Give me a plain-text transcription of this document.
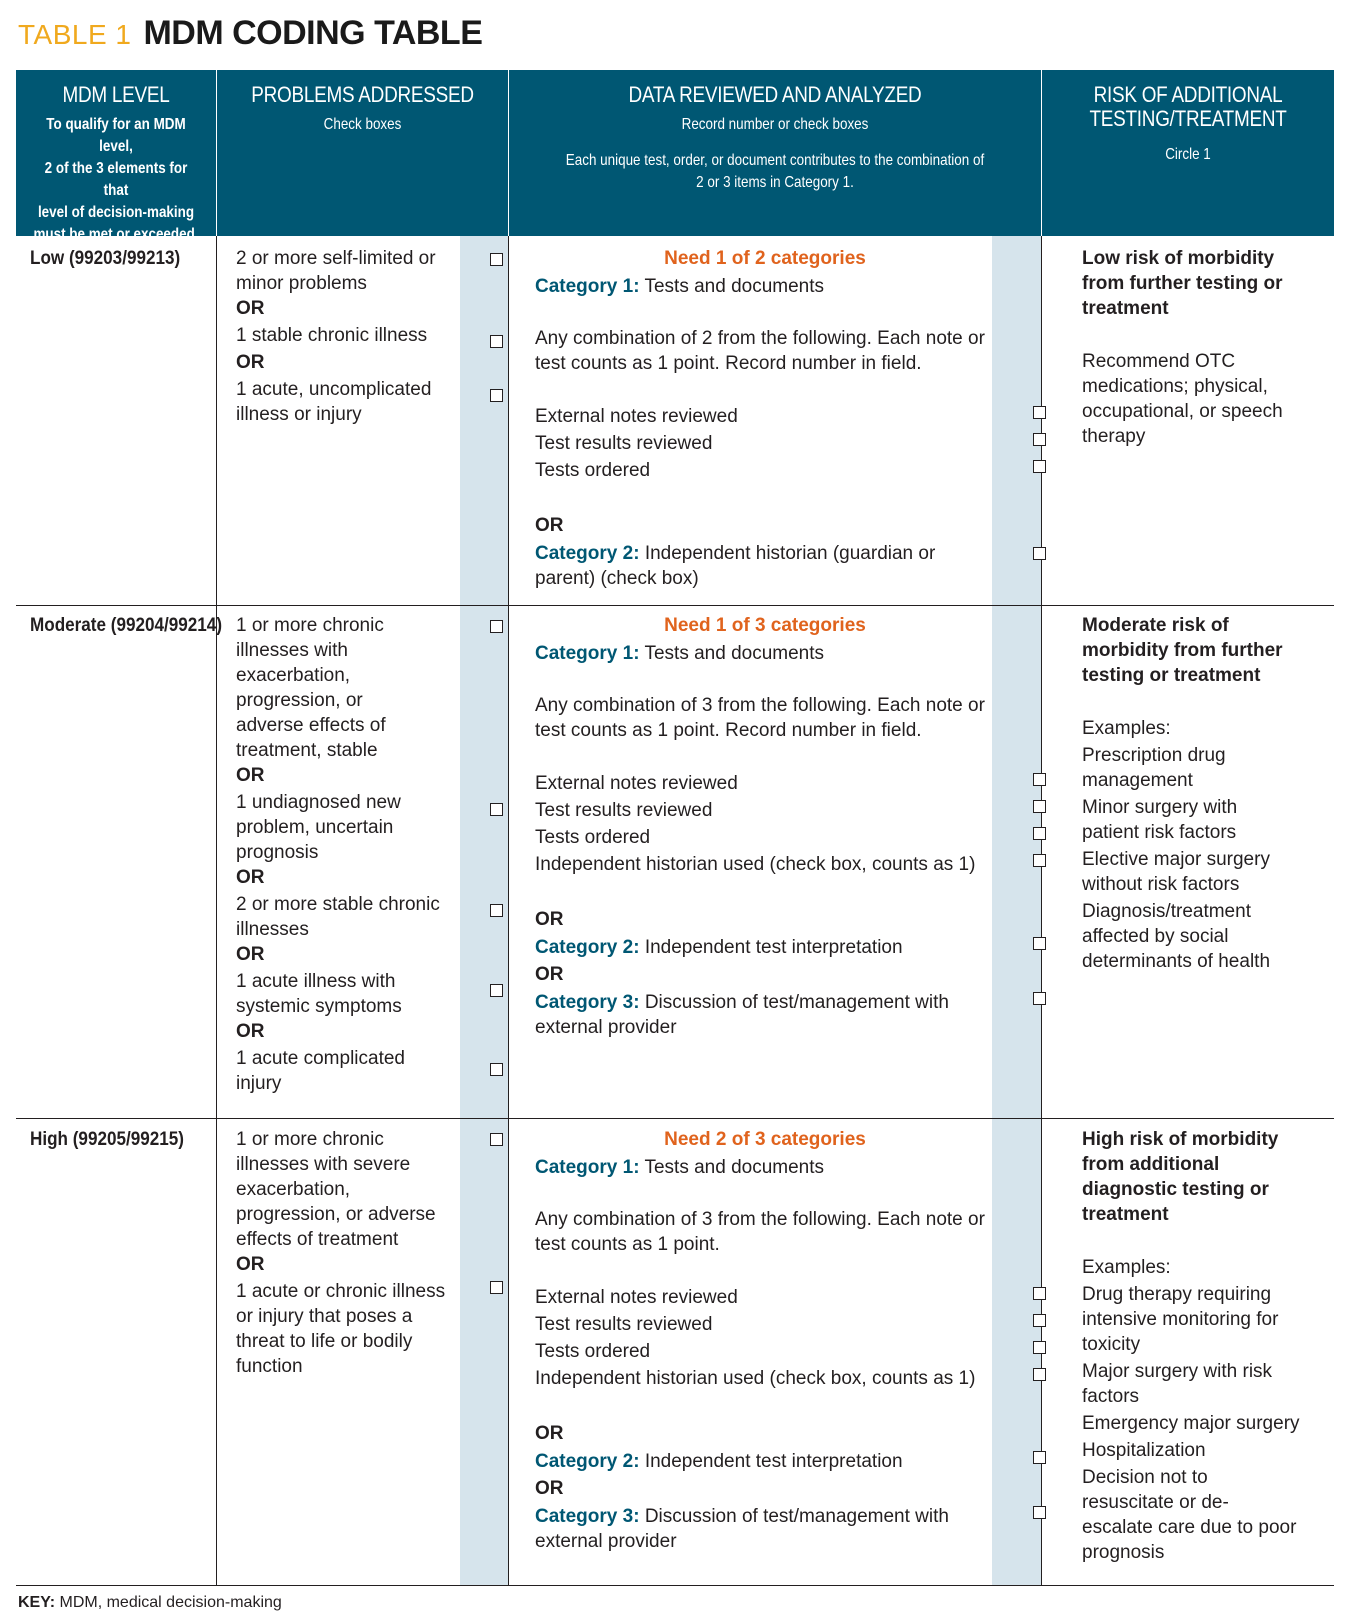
TABLE 1 MDM CODING TABLE
MDM LEVEL
To qualify for an MDM level,
2 of the 3 elements for that
level of decision-making
must be met or exceeded.
PROBLEMS ADDRESSED
Check boxes
DATA REVIEWED AND ANALYZED
Record number or check boxes
Each unique test, order, or document contributes to the combination of
2 or 3 items in Category 1.
RISK OF ADDITIONAL
TESTING/TREATMENT
Circle 1
Low (99203/99213)	2 or more self-limited or
minor problems
OR
1 stable chronic illness
OR
1 acute, uncomplicated
illness or injury
Need 1 of 2 categories
Category 1: Tests and documents
Any combination of 2 from the following. Each note or
test counts as 1 point. Record number in field.
External notes reviewed
Test results reviewed
Tests ordered
OR
Category 2: Independent historian (guardian or
parent) (check box)
Low risk of morbidity
from further testing or
treatment
Recommend OTC
medications; physical,
occupational, or speech
therapy
Moderate (99204/99214) 1 or more chronic
illnesses with
exacerbation,
progression, or
adverse effects of
treatment, stable
OR
1 undiagnosed new
problem, uncertain
prognosis
OR
2 or more stable chronic
illnesses
OR
1 acute illness with
systemic symptoms
OR
1 acute complicated
injury
Need 1 of 3 categories
Category 1: Tests and documents
Any combination of 3 from the following. Each note or
test counts as 1 point. Record number in field.
External notes reviewed
Test results reviewed
Tests ordered
Independent historian used (check box, counts as 1)
OR
Category 2: Independent test interpretation
OR
Category 3: Discussion of test/management with
external provider
Moderate risk of
morbidity from further
testing or treatment
Examples:
Prescription drug
management
Minor surgery with
patient risk factors
Elective major surgery
without risk factors
Diagnosis/treatment
affected by social
determinants of health
High (99205/99215)	1 or more chronic
illnesses with severe
exacerbation,
progression, or adverse
effects of treatment
OR
1 acute or chronic illness
or injury that poses a
threat to life or bodily
function
Need 2 of 3 categories
Category 1: Tests and documents
Any combination of 3 from the following. Each note or
test counts as 1 point.
External notes reviewed
Test results reviewed
Tests ordered
Independent historian used (check box, counts as 1)
OR
Category 2: Independent test interpretation
OR
Category 3: Discussion of test/management with
external provider
High risk of morbidity
from additional
diagnostic testing or
treatment
Examples:
Drug therapy requiring
intensive monitoring for
toxicity
Major surgery with risk
factors
Emergency major surgery
Hospitalization
Decision not to
resuscitate or de-
escalate care due to poor
prognosis
KEY: MDM, medical decision-making
